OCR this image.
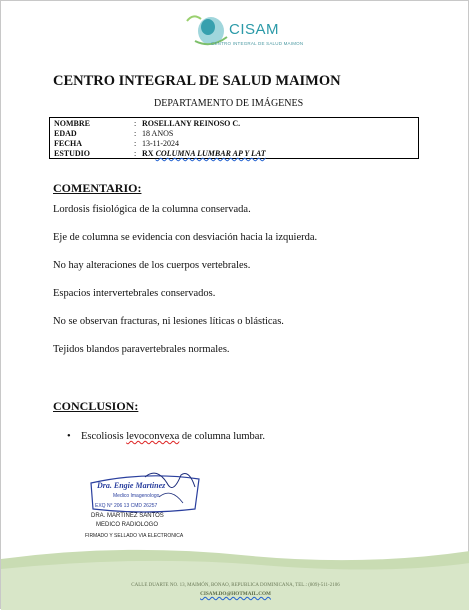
CISAM
CENTRO INTEGRAL DE SALUD MAIMON
CENTRO INTEGRAL DE SALUD MAIMON
DEPARTAMENTO DE IMÁGENES
NOMBRE	: ROSELLANY REINOSO C.
EDAD	: 18 ANOS
FECHA	: 13-11-2024
ESTUDIO	: RX COLUMNA LUMBAR AP Y LAT
COMENTARIO:
Lordosis fisiológica de la columna conservada.
Eje de columna se evidencia con desviación hacia la izquierda.
No hay alteraciones de los cuerpos vertebrales.
Espacios intervertebrales conservados.
No se observan fracturas, ni lesiones líticas o blásticas.
Tejidos blandos paravertebrales normales.
CONCLUSION:
• Escoliosis levoconvexa de columna lumbar.
Dra. Engie Martinez
Medico Imagenologo
EXQ N° 206 13 CMD 26257
DRA. MARTINEZ SANTOS
MEDICO RADIOLOGO
FIRMADO Y SELLADO VIA ELECTRONICA
CALLE DUARTE NO. 13, MAIMÓN, BONAO, REPUBLICA DOMINICANA, TEL.: (809)-511-2106
CISAM.DO@HOTMAIL.COM
